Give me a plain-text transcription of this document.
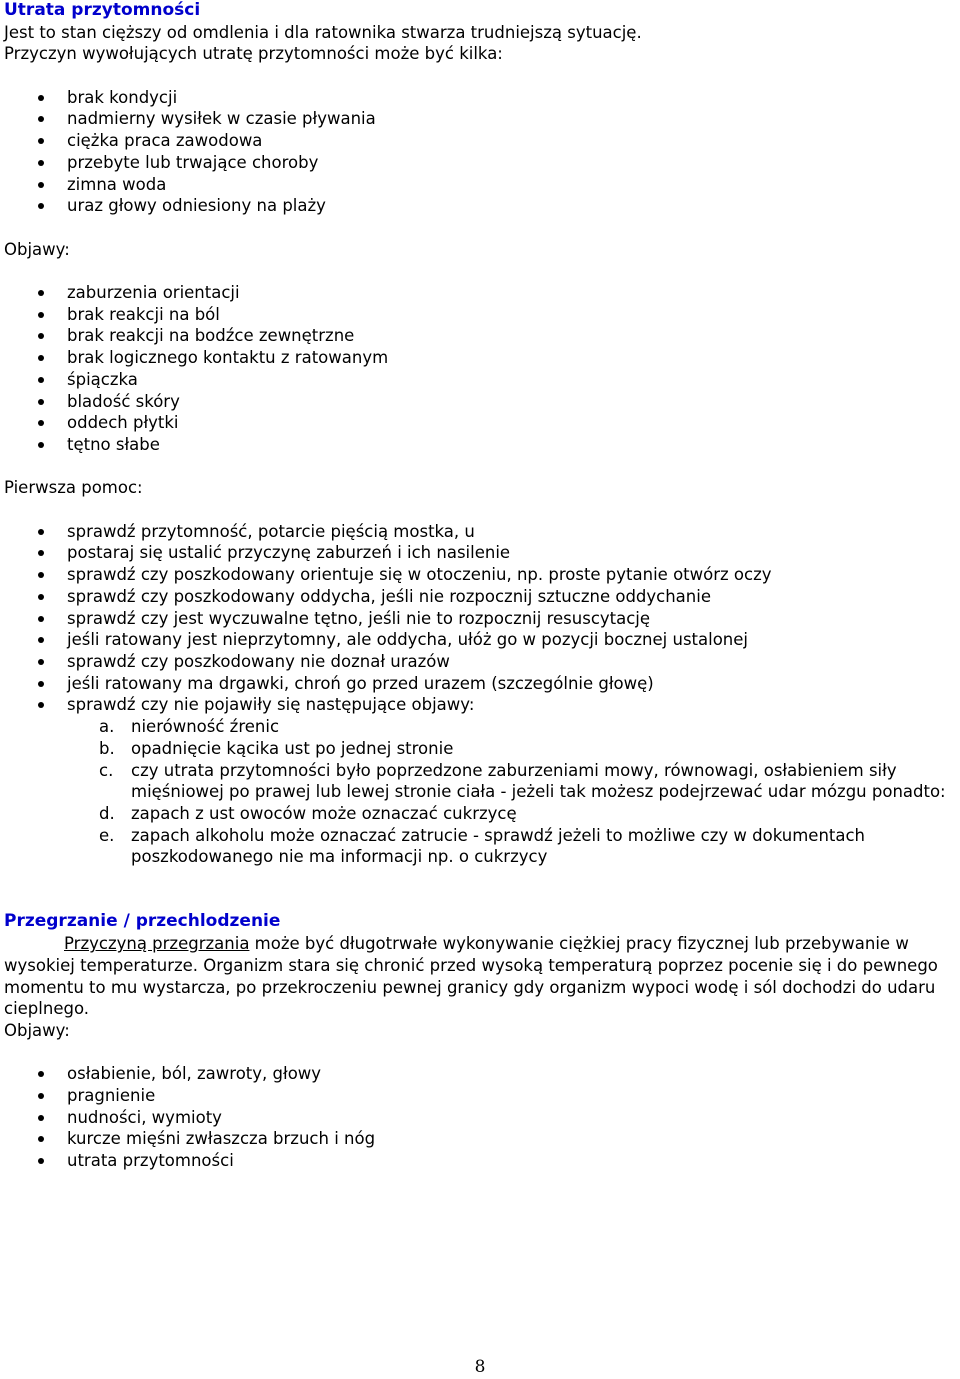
Utrata przytomności

Jest to stan cięższy od omdlenia i dla ratownika stwarza trudniejszą sytuację.

Przyczyn wywołujących utratę przytomności może być kilka:

brak kondycji
nadmierny wysiłek w czasie pływania
ciężka praca zawodowa
przebyte lub trwające choroby
zimna woda
uraz głowy odniesiony na plaży

Objawy:

zaburzenia orientacji
brak reakcji na ból
brak reakcji na bodźce zewnętrzne
brak logicznego kontaktu z ratowanym
śpiączka
bladość skóry
oddech płytki
tętno słabe

Pierwsza pomoc:

sprawdź przytomność, potarcie pięścią mostka, u
postaraj się ustalić przyczynę zaburzeń i ich nasilenie
sprawdź czy poszkodowany orientuje się w otoczeniu, np. proste pytanie otwórz oczy
sprawdź czy poszkodowany oddycha, jeśli nie rozpocznij sztuczne oddychanie
sprawdź czy jest wyczuwalne tętno, jeśli nie to rozpocznij resuscytację
jeśli ratowany jest nieprzytomny, ale oddycha, ułóż go w pozycji bocznej ustalonej
sprawdź czy poszkodowany nie doznał urazów
jeśli ratowany ma drgawki, chroń go przed urazem (szczególnie głowę)
sprawdź czy nie pojawiły się następujące objawy:
a. nierówność źrenic
b. opadnięcie kącika ust po jednej stronie
c. czy utrata przytomności było poprzedzone zaburzeniami mowy, równowagi, osłabieniem siły mięśniowej po prawej lub lewej stronie ciała - jeżeli tak możesz podejrzewać udar mózgu ponadto:
d. zapach z ust owoców może oznaczać cukrzycę
e. zapach alkoholu może oznaczać zatrucie - sprawdź jeżeli to możliwe czy w dokumentach poszkodowanego nie ma informacji np. o cukrzycy
Przegrzanie / przechlodzenie

Przyczyną przegrzania może być długotrwałe wykonywanie ciężkiej pracy fizycznej lub przebywanie w wysokiej temperaturze. Organizm stara się chronić przed wysoką temperaturą poprzez pocenie się i do pewnego momentu to mu wystarcza, po przekroczeniu pewnej granicy gdy organizm wypoci wodę i sól dochodzi do udaru cieplnego.

Objawy:

osłabienie, ból, zawroty, głowy
pragnienie
nudności, wymioty
kurcze mięśni zwłaszcza brzuch i nóg
utrata przytomności
8
